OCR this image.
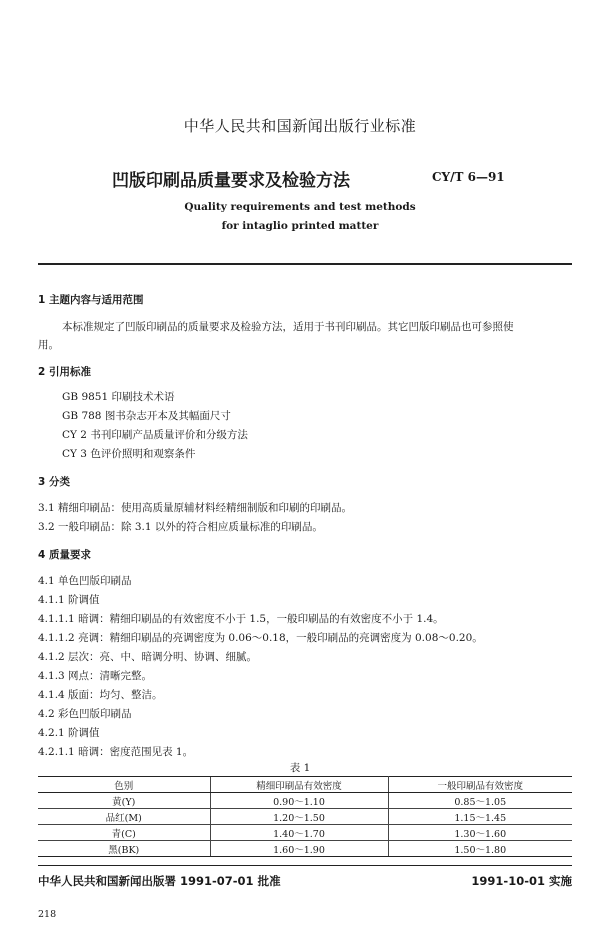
中华人民共和国新闻出版行业标准
凹版印刷品质量要求及检验方法	CY/T 6—91
Quality requirements and test methods
for intaglio printed matter
1 主题内容与适用范围
本标准规定了凹版印刷品的质量要求及检验方法，适用于书刊印刷品。其它凹版印刷品也可参照使
用。
2 引用标准
GB 9851 印刷技术术语
GB 788 图书杂志开本及其幅面尺寸
CY 2 书刊印刷产品质量评价和分级方法
CY 3 色评价照明和观察条件
3 分类
3.1 精细印刷品：使用高质量原辅材料经精细制版和印刷的印刷品。
3.2 一般印刷品：除 3.1 以外的符合相应质量标准的印刷品。
4 质量要求
4.1 单色凹版印刷品
4.1.1 阶调值
4.1.1.1 暗调：精细印刷品的有效密度不小于 1.5，一般印刷品的有效密度不小于 1.4。
4.1.1.2 亮调：精细印刷品的亮调密度为 0.06～0.18，一般印刷品的亮调密度为 0.08～0.20。
4.1.2 层次：亮、中、暗调分明、协调、细腻。
4.1.3 网点：清晰完整。
4.1.4 版面：均匀、整洁。
4.2 彩色凹版印刷品
4.2.1 阶调值
4.2.1.1 暗调：密度范围见表 1。
表 1
色别	精细印刷品有效密度	一般印刷品有效密度
黄(Y)	0.90～1.10	0.85～1.05
品红(M)	1.20～1.50	1.15～1.45
青(C)	1.40～1.70	1.30～1.60
黑(BK)	1.60～1.90	1.50～1.80
中华人民共和国新闻出版署 1991-07-01 批准	1991-10-01 实施
218
